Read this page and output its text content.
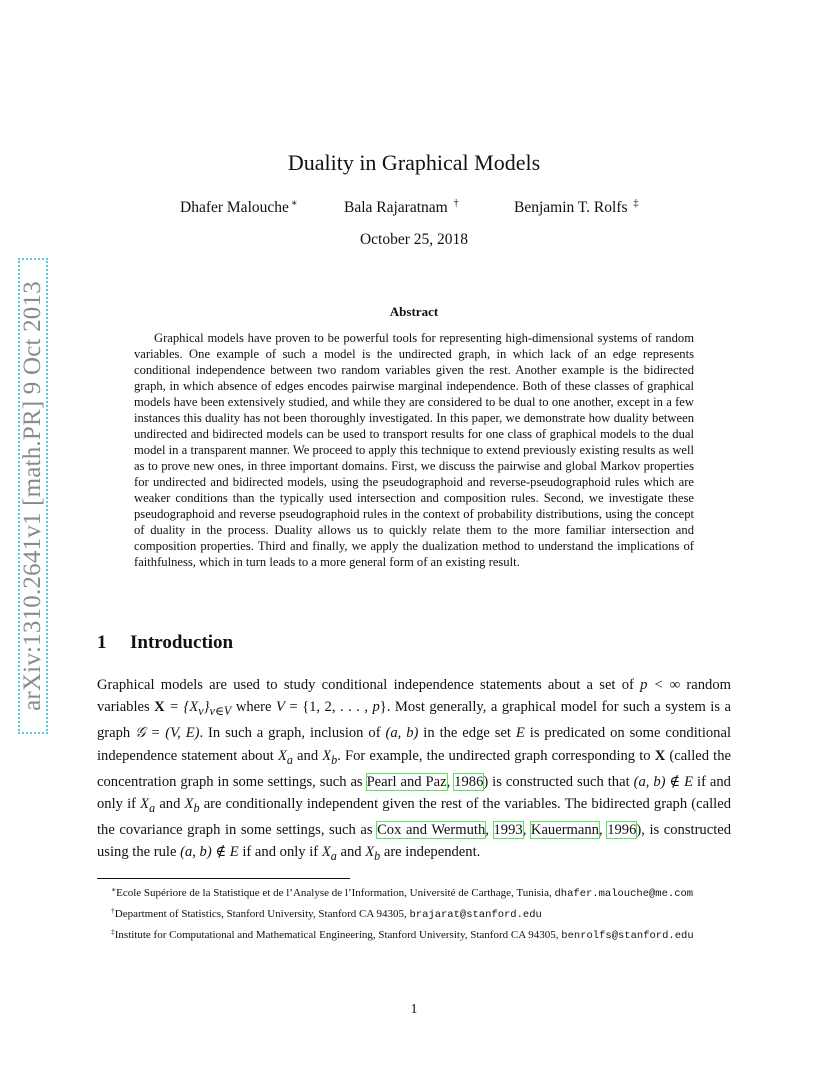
arXiv:1310.2641v1 [math.PR] 9 Oct 2013
Duality in Graphical Models
Dhafer Malouche ∗	Bala Rajaratnam †	Benjamin T. Rolfs ‡
October 25, 2018
Abstract

Graphical models have proven to be powerful tools for representing high-dimensional systems of random variables. One example of such a model is the undirected graph, in which lack of an edge represents conditional independence between two random variables given the rest. Another example is the bidirected graph, in which absence of edges encodes pairwise marginal independence. Both of these classes of graphical models have been extensively studied, and while they are considered to be dual to one another, except in a few instances this duality has not been thoroughly investigated. In this paper, we demonstrate how duality between undirected and bidirected models can be used to transport results for one class of graphical models to the dual model in a transparent manner. We proceed to apply this technique to extend previously existing results as well as to prove new ones, in three important domains. First, we discuss the pairwise and global Markov properties for undirected and bidirected models, using the pseudographoid and reverse-pseudographoid rules which are weaker conditions than the typically used intersection and composition rules. Second, we investigate these pseudographoid and reverse pseudographoid rules in the context of probability distributions, using the concept of duality in the process. Duality allows us to quickly relate them to the more familiar intersection and composition properties. Third and finally, we apply the dualization method to understand the implications of faithfulness, which in turn leads to a more general form of an existing result.

1 Introduction

Graphical models are used to study conditional independence statements about a set of p < ∞ random variables $X = \{X_v\}_{v\in V}$ where V = {1, 2, . . . , p}. Most generally, a graphical model for such a system is a graph 𝒢 = (V, E). In such a graph, inclusion of (a, b) in the edge set E is predicated on some conditional independence statement about $X_a$ and $X_b$. For example, the undirected graph corresponding to X (called the concentration graph in some settings, such as Pearl and Paz, 1986) is constructed such that (a, b) ∉ E if and only if $X_a$ and $X_b$ are conditionally independent given the rest of the variables. The bidirected graph (called the covariance graph in some settings, such as Cox and Wermuth, 1993, Kauermann, 1996), is constructed using the rule (a, b) ∉ E if and only if $X_a$ and $X_b$ are independent.

∗Ecole Supériore de la Statistique et de l’Analyse de l’Information, Université de Carthage, Tunisia, dhafer.malouche@me.com

†Department of Statistics, Stanford University, Stanford CA 94305, brajarat@stanford.edu

‡Institute for Computational and Mathematical Engineering, Stanford University, Stanford CA 94305, benrolfs@stanford.edu

1
